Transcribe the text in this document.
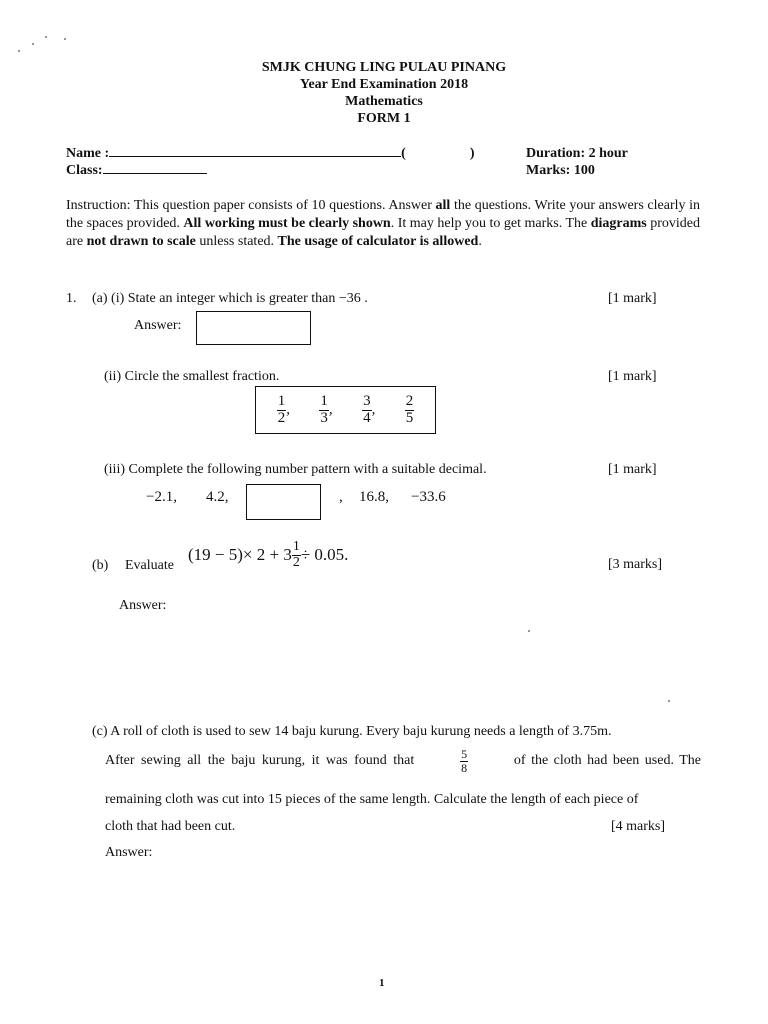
SMJK CHUNG LING PULAU PINANG
Year End Examination 2018
Mathematics
FORM 1
Name :	(	)	Duration: 2 hour
Class:	Marks: 100
Instruction: This question paper consists of 10 questions. Answer all the questions. Write your answers clearly in the spaces provided. All working must be clearly shown. It may help you to get marks. The diagrams provided are not drawn to scale unless stated. The usage of calculator is allowed.
1. (a) (i) State an integer which is greater than −36 .	[1 mark]
Answer:
(ii) Circle the smallest fraction.	[1 mark]
$\frac{1}{2}$ , $\frac{1}{3}$ , $\frac{3}{4}$ , $\frac{2}{5}$
(iii) Complete the following number pattern with a suitable decimal.	[1 mark]
−2.1, 4.2,	, 16.8, −33.6
(b) Evaluate
$(19 - 5)\times 2 + 3 \frac{1}{2} \div 0.05$.
[3 marks]
Answer:
(c) A roll of cloth is used to sew 14 baju kurung. Every baju kurung needs a length of 3.75m.
After sewing all the baju kurung, it was found that	$\frac{5}{8}$	of the cloth had been used. The
remaining cloth was cut into 15 pieces of the same length. Calculate the length of each piece of
cloth that had been cut.	[4 marks]
Answer:
1
